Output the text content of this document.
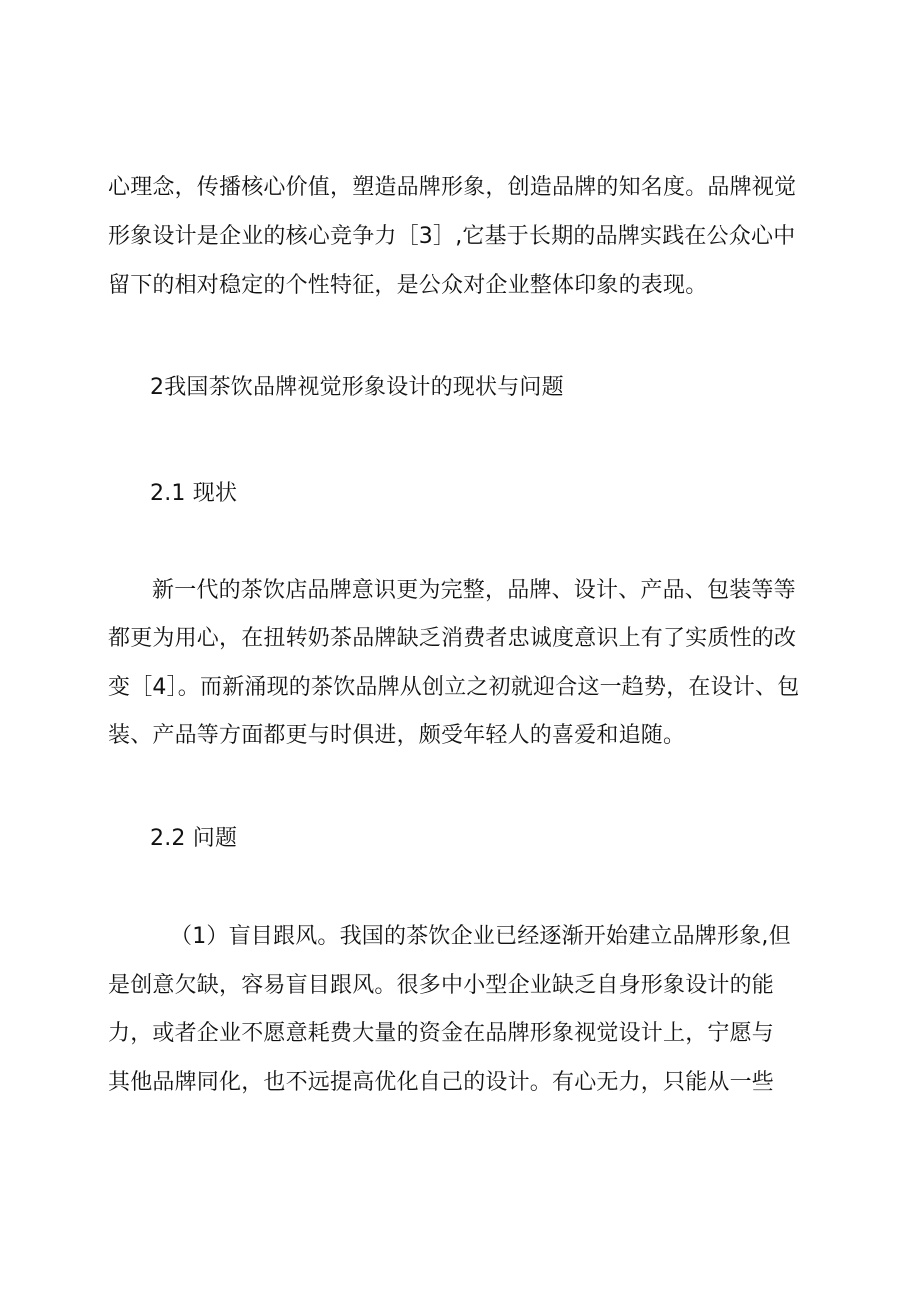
心理念，传播核心价值，塑造品牌形象，创造品牌的知名度。品牌视觉
形象设计是企业的核心竞争力［3］,它基于长期的品牌实践在公众心中
留下的相对稳定的个性特征，是公众对企业整体印象的表现。
2我国茶饮品牌视觉形象设计的现状与问题
2.1 现状
新一代的茶饮店品牌意识更为完整，品牌、设计、产品、包装等等
都更为用心，在扭转奶茶品牌缺乏消费者忠诚度意识上有了实质性的改
变［4］。而新涌现的茶饮品牌从创立之初就迎合这一趋势，在设计、包
装、产品等方面都更与时俱进，颇受年轻人的喜爱和追随。
2.2 问题
（1）盲目跟风。我国的茶饮企业已经逐渐开始建立品牌形象,但
是创意欠缺，容易盲目跟风。很多中小型企业缺乏自身形象设计的能
力，或者企业不愿意耗费大量的资金在品牌形象视觉设计上，宁愿与
其他品牌同化，也不远提高优化自己的设计。有心无力，只能从一些
